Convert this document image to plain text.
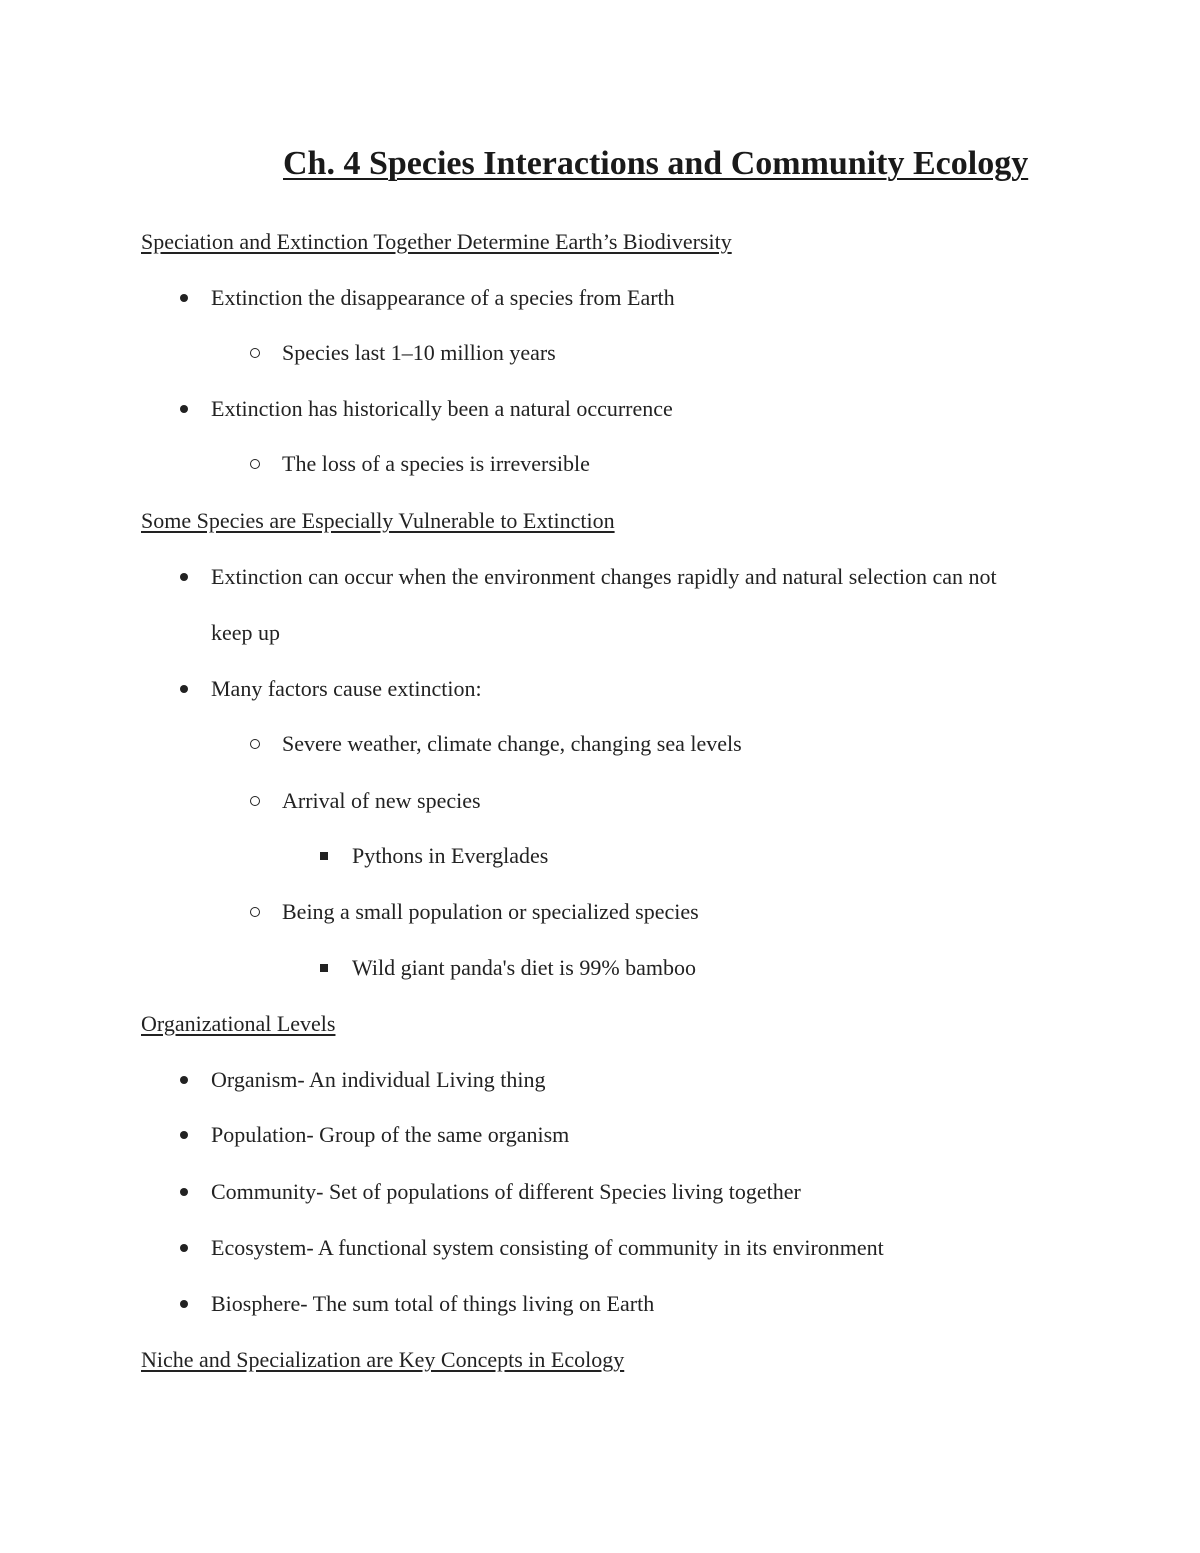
Ch. 4 Species Interactions and Community Ecology
Speciation and Extinction Together Determine Earth’s Biodiversity
Extinction the disappearance of a species from Earth
Species last 1–10 million years
Extinction has historically been a natural occurrence
The loss of a species is irreversible
Some Species are Especially Vulnerable to Extinction
Extinction can occur when the environment changes rapidly and natural selection can not
keep up
Many factors cause extinction:
Severe weather, climate change, changing sea levels
Arrival of new species
Pythons in Everglades
Being a small population or specialized species
Wild giant panda's diet is 99% bamboo
Organizational Levels
Organism- An individual Living thing
Population- Group of the same organism
Community- Set of populations of different Species living together
Ecosystem- A functional system consisting of community in its environment
Biosphere- The sum total of things living on Earth
Niche and Specialization are Key Concepts in Ecology
